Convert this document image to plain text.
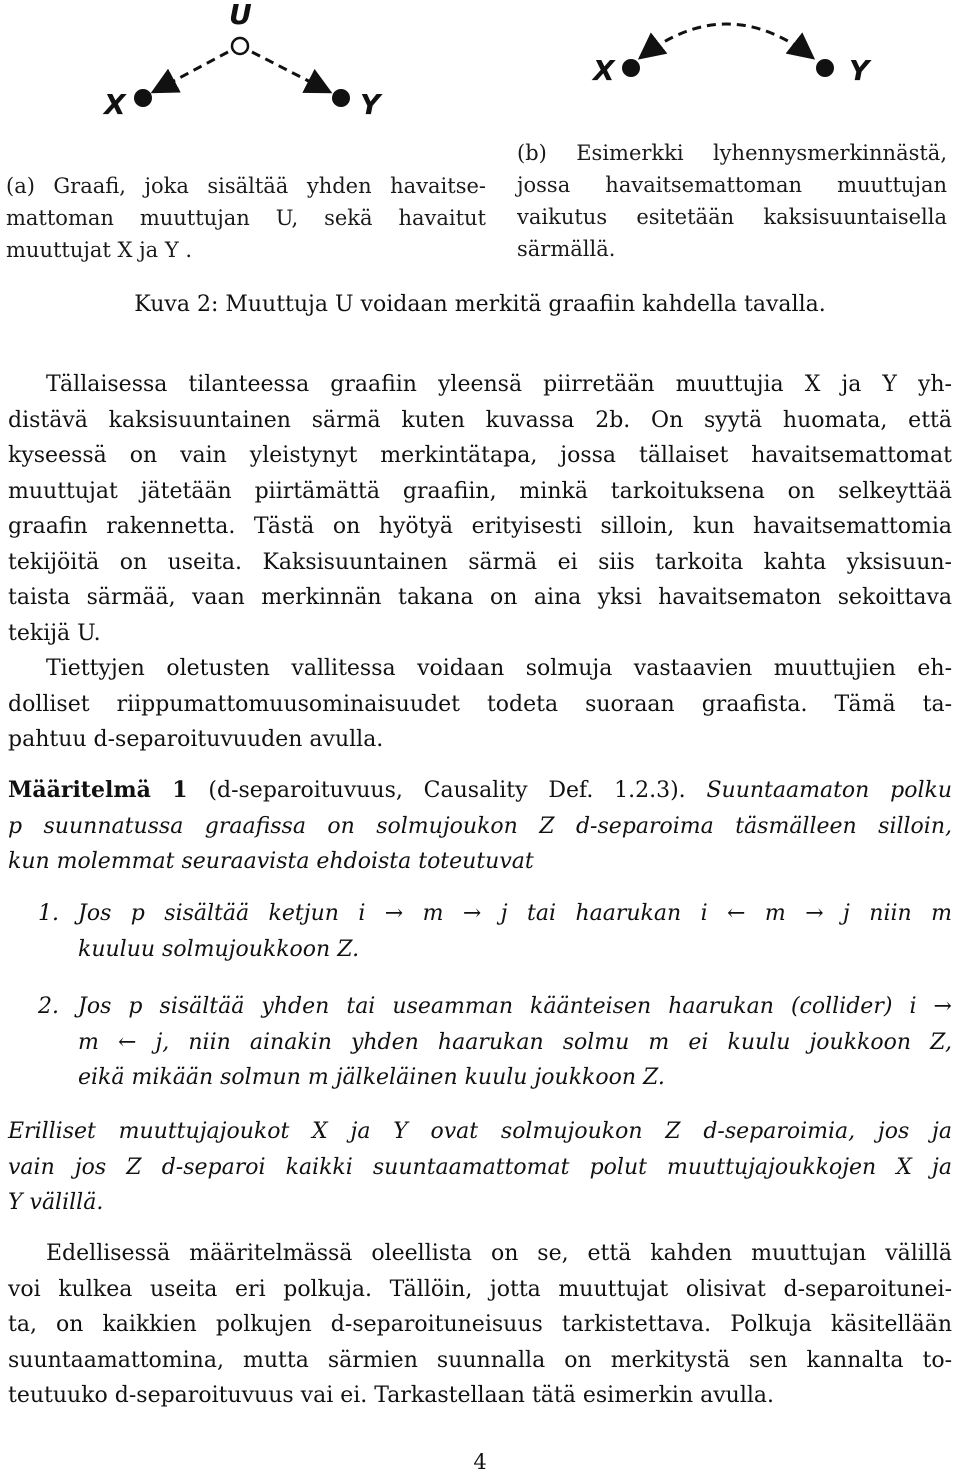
U
X	Y
X	Y
(a) Graafi, joka sisältää yhden havaitse-
mattoman muuttujan U, sekä havaitut
muuttujat X ja Y .
(b) Esimerkki lyhennysmerkinnästä,
jossa havaitsemattoman muuttujan
vaikutus esitetään kaksisuuntaisella
särmällä.
Kuva 2: Muuttuja U voidaan merkitä graafiin kahdella tavalla.
Tällaisessa tilanteessa graafiin yleensä piirretään muuttujia X ja Y yh-
distävä kaksisuuntainen särmä kuten kuvassa 2b. On syytä huomata, että
kyseessä on vain yleistynyt merkintätapa, jossa tällaiset havaitsemattomat
muuttujat jätetään piirtämättä graafiin, minkä tarkoituksena on selkeyttää
graafin rakennetta. Tästä on hyötyä erityisesti silloin, kun havaitsemattomia
tekijöitä on useita. Kaksisuuntainen särmä ei siis tarkoita kahta yksisuun-
taista särmää, vaan merkinnän takana on aina yksi havaitsematon sekoittava
tekijä U.
Tiettyjen oletusten vallitessa voidaan solmuja vastaavien muuttujien eh-
dolliset riippumattomuusominaisuudet todeta suoraan graafista. Tämä ta-
pahtuu d-separoituvuuden avulla.
Määritelmä 1 (d-separoituvuus, Causality Def. 1.2.3). Suuntaamaton polku
p suunnatussa graafissa on solmujoukon Z d-separoima täsmälleen silloin,
kun molemmat seuraavista ehdoista toteutuvat
1. Jos p sisältää ketjun i → m → j tai haarukan i ← m → j niin m
kuuluu solmujoukkoon Z.
2. Jos p sisältää yhden tai useamman käänteisen haarukan (collider) i →
m ← j, niin ainakin yhden haarukan solmu m ei kuulu joukkoon Z,
eikä mikään solmun m jälkeläinen kuulu joukkoon Z.
Erilliset muuttujajoukot X ja Y ovat solmujoukon Z d-separoimia, jos ja
vain jos Z d-separoi kaikki suuntaamattomat polut muuttujajoukkojen X ja
Y välillä.
Edellisessä määritelmässä oleellista on se, että kahden muuttujan välillä
voi kulkea useita eri polkuja. Tällöin, jotta muuttujat olisivat d-separoitunei-
ta, on kaikkien polkujen d-separoituneisuus tarkistettava. Polkuja käsitellään
suuntaamattomina, mutta särmien suunnalla on merkitystä sen kannalta to-
teutuuko d-separoituvuus vai ei. Tarkastellaan tätä esimerkin avulla.
4
